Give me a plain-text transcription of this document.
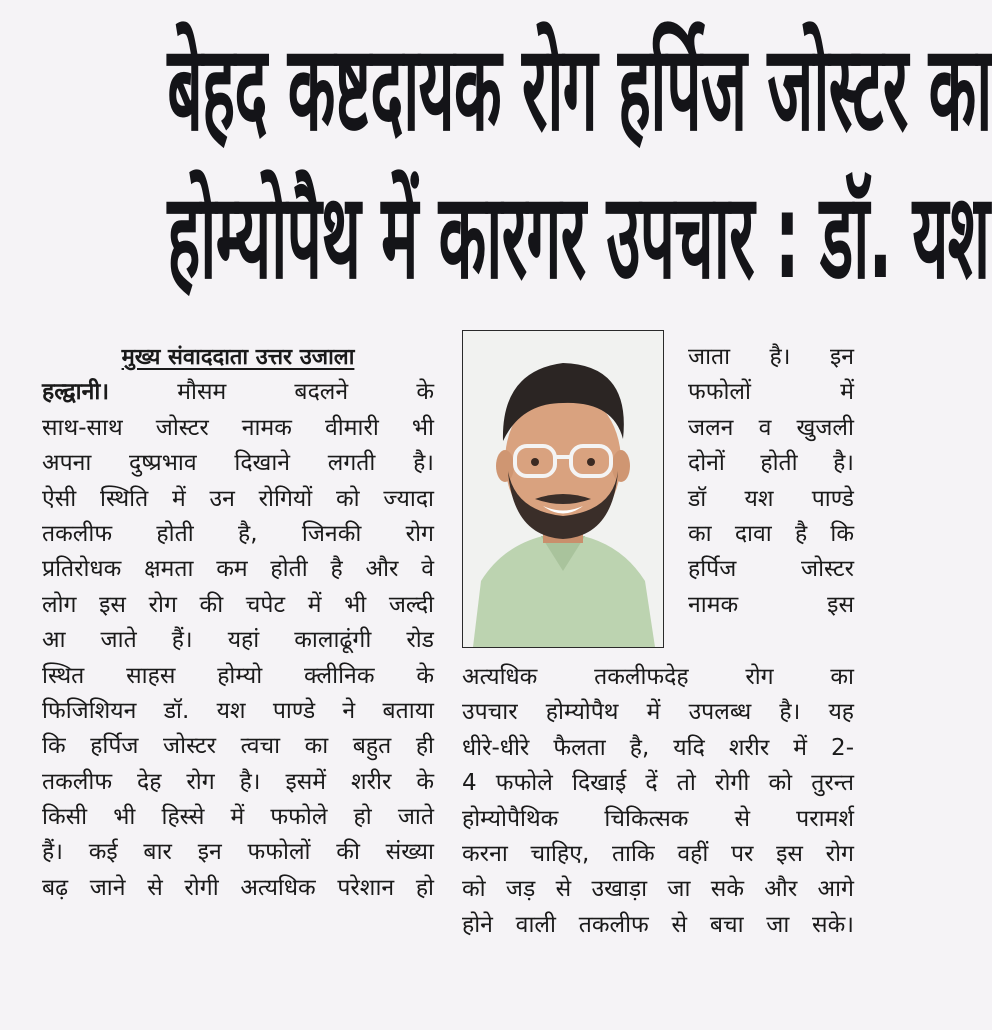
बेहद कष्टदायक रोग हर्पिज जोस्टर का
होम्योपैथ में कारगर उपचार : डॉ. यश
मुख्य संवाददाता उत्तर उजाला
हल्द्वानी।	मौसम बदलने के
साथ-साथ जोस्टर नामक वीमारी भी
अपना दुष्प्रभाव दिखाने लगती है।
ऐसी स्थिति में उन रोगियों को ज्यादा
तकलीफ होती है, जिनकी रोग
प्रतिरोधक क्षमता कम होती है और वे
लोग इस रोग की चपेट में भी जल्दी
आ जाते हैं। यहां कालाढूंगी रोड
स्थित साहस होम्यो क्लीनिक के
फिजिशियन डॉ. यश पाण्डे ने बताया
कि हर्पिज जोस्टर त्वचा का बहुत ही
तकलीफ देह रोग है। इसमें शरीर के
किसी भी हिस्से में फफोले हो जाते
हैं। कई बार इन फफोलों की संख्या
बढ़ जाने से रोगी अत्यधिक परेशान हो
जाता है। इन
फफोलों में
जलन व खुजली
दोनों होती है।
डॉ यश पाण्डे
का दावा है कि
हर्पिज जोस्टर
नामक इस
अत्यधिक तकलीफदेह रोग का
उपचार होम्योपैथ में उपलब्ध है। यह
धीरे-धीरे फैलता है, यदि शरीर में 2-
4 फफोले दिखाई दें तो रोगी को तुरन्त
होम्योपैथिक चिकित्सक से परामर्श
करना चाहिए, ताकि वहीं पर इस रोग
को जड़ से उखाड़ा जा सके और आगे
होने वाली तकलीफ से बचा जा सके।
